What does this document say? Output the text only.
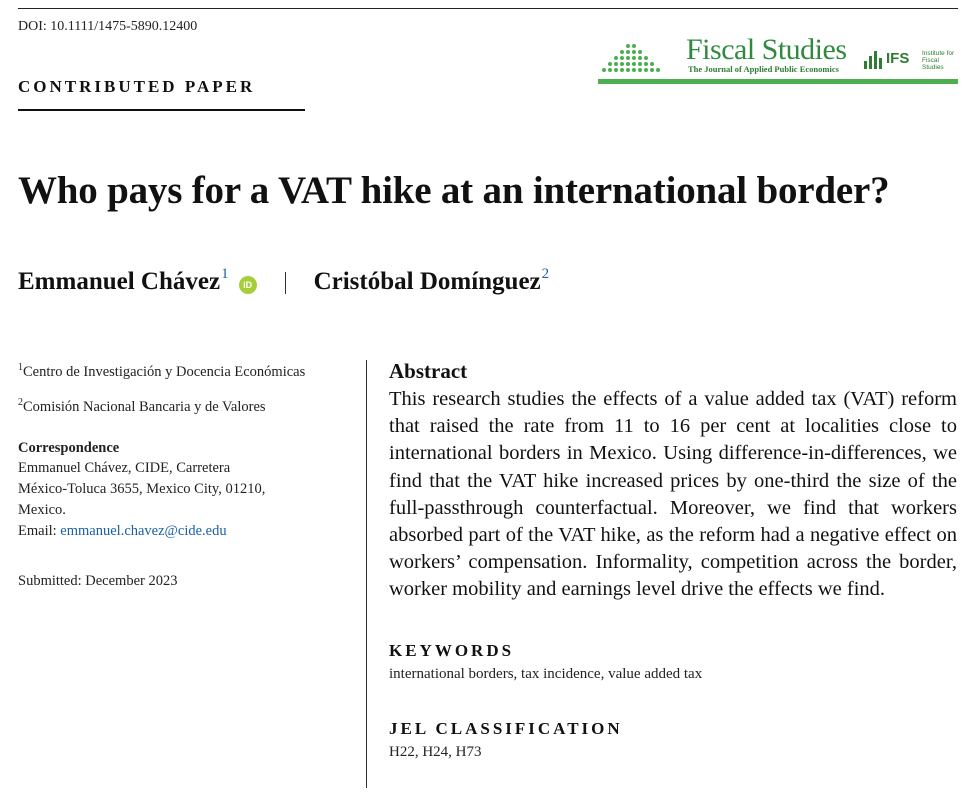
DOI: 10.1111/1475-5890.12400
CONTRIBUTED PAPER
Fiscal Studies
The Journal of Applied Public Economics
IFS Institute for Fiscal Studies
Who pays for a VAT hike at an international border?
Emmanuel Chávez$^1$
iD Cristóbal Domínguez$^2$
$^1$Centro de Investigación y Docencia Económicas
$^2$Comisión Nacional Bancaria y de Valores
Correspondence
Emmanuel Chávez, CIDE, Carretera
México-Toluca 3655, Mexico City, 01210,
Mexico.
Email: emmanuel.chavez@cide.edu
Submitted: December 2023
Abstract

This research studies the effects of a value added tax (VAT) reform that raised the rate from 11 to 16 per cent at localities close to international borders in Mexico. Using difference-in-differences, we find that the VAT hike increased prices by one-third the size of the full-passthrough counterfactual. Moreover, we find that workers absorbed part of the VAT hike, as the reform had a negative effect on workers’ compensation. Informality, competition across the border, worker mobility and earnings level drive the effects we find.

KEYWORDS
international borders, tax incidence, value added tax
JEL CLASSIFICATION
H22, H24, H73
